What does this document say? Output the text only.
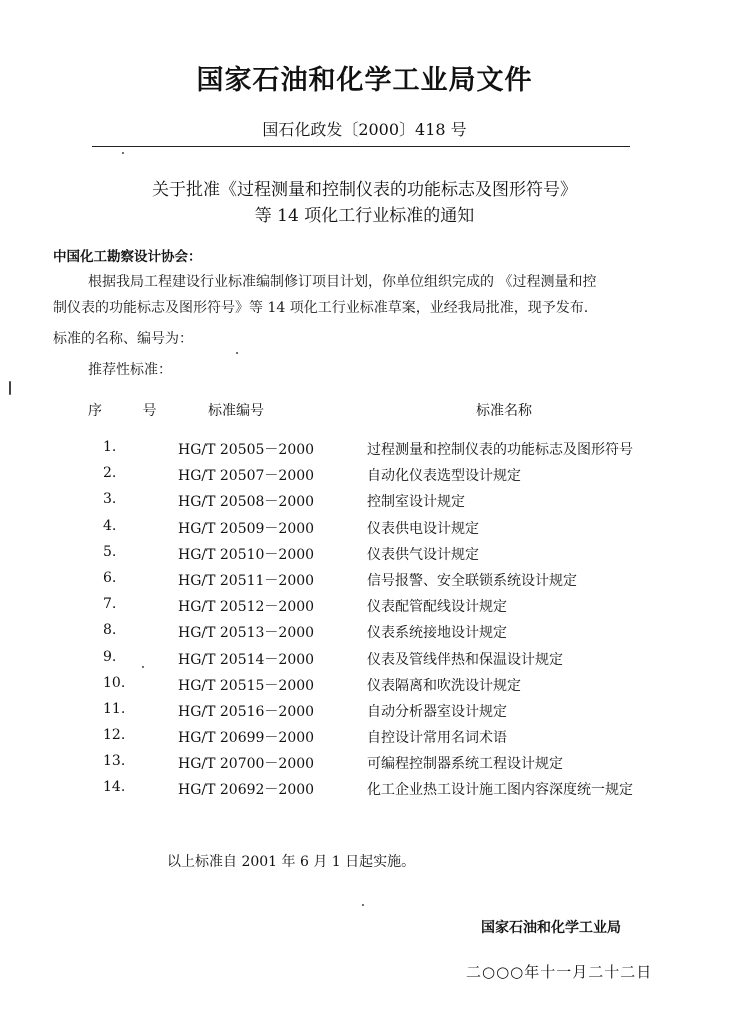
国家石油和化学工业局文件
国石化政发〔2000〕418 号
关于批准《过程测量和控制仪表的功能标志及图形符号》
等 14 项化工行业标准的通知
中国化工勘察设计协会：
根据我局工程建设行业标准编制修订项目计划，你单位组织完成的 《过程测量和控
制仪表的功能标志及图形符号》等 14 项化工行业标准草案，业经我局批准，现予发布.
标准的名称、编号为：
推荐性标准：
序 号 标准编号	标准名称
1.	HG/T 20505－2000	过程测量和控制仪表的功能标志及图形符号
2.	HG/T 20507－2000	自动化仪表选型设计规定
3.	HG/T 20508－2000	控制室设计规定
4.	HG/T 20509－2000	仪表供电设计规定
5.	HG/T 20510－2000	仪表供气设计规定
6.	HG/T 20511－2000	信号报警、安全联锁系统设计规定
7.	HG/T 20512－2000	仪表配管配线设计规定
8.	HG/T 20513－2000	仪表系统接地设计规定
9.	HG/T 20514－2000	仪表及管线伴热和保温设计规定
10.	HG/T 20515－2000	仪表隔离和吹洗设计规定
11.	HG/T 20516－2000	自动分析器室设计规定
12.	HG/T 20699－2000	自控设计常用名词术语
13.	HG/T 20700－2000	可编程控制器系统工程设计规定
14.	HG/T 20692－2000	化工企业热工设计施工图内容深度统一规定
以上标准自 2001 年 6 月 1 日起实施。
国家石油和化学工业局
二○○○年十一月二十二日
